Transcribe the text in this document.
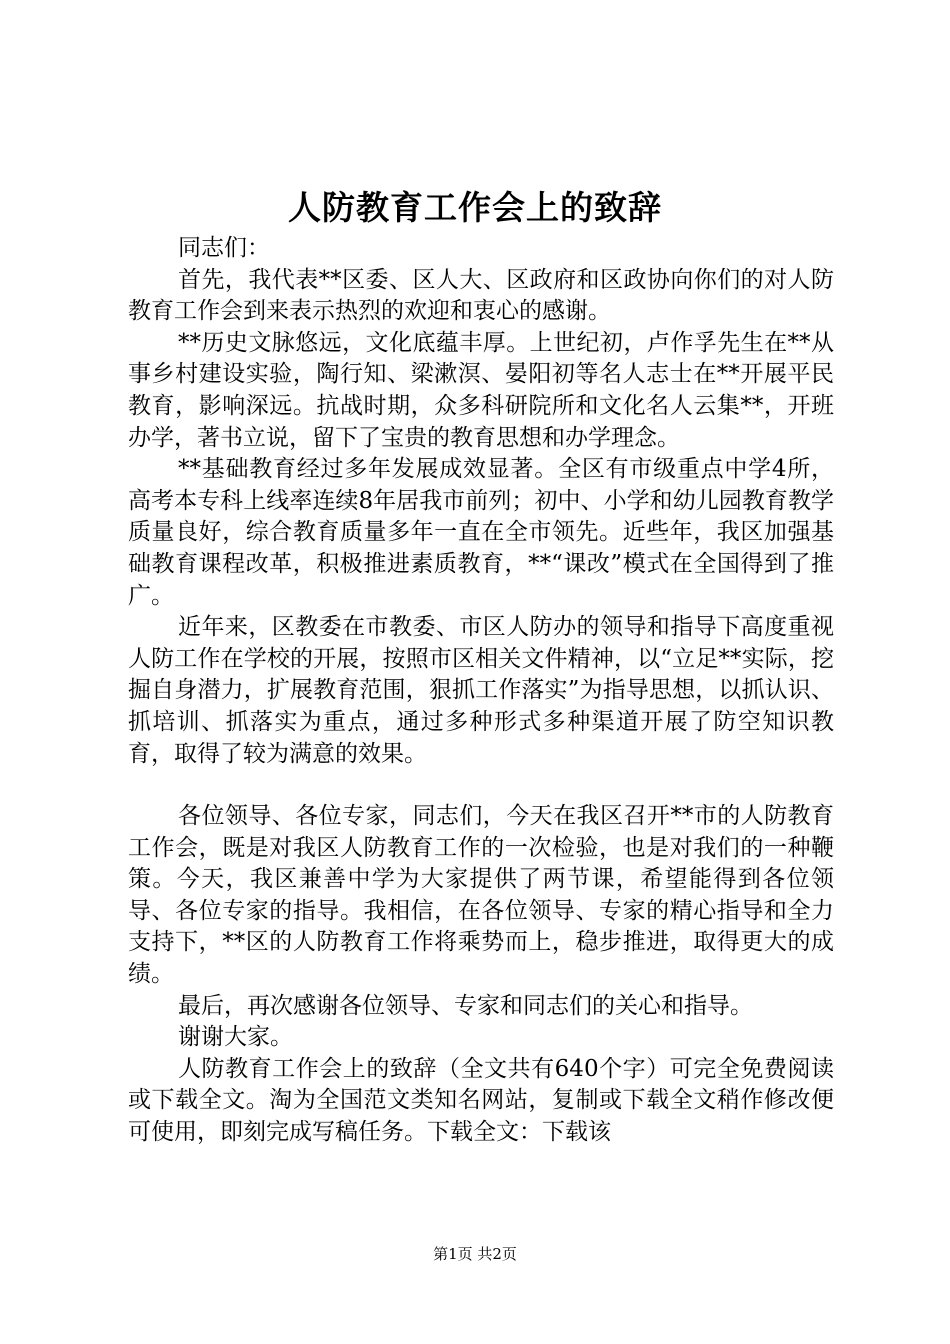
人防教育工作会上的致辞

同志们：

首先，我代表**区委、区人大、区政府和区政协向你们的对人防教育工作会到来表示热烈的欢迎和衷心的感谢。

**历史文脉悠远，文化底蕴丰厚。上世纪初，卢作孚先生在**从事乡村建设实验，陶行知、梁漱溟、晏阳初等名人志士在**开展平民教育，影响深远。抗战时期，众多科研院所和文化名人云集**，开班办学，著书立说，留下了宝贵的教育思想和办学理念。

**基础教育经过多年发展成效显著。全区有市级重点中学4所，高考本专科上线率连续8年居我市前列；初中、小学和幼儿园教育教学质量良好，综合教育质量多年一直在全市领先。近些年，我区加强基础教育课程改革，积极推进素质教育，**“课改”模式在全国得到了推广。

近年来，区教委在市教委、市区人防办的领导和指导下高度重视人防工作在学校的开展，按照市区相关文件精神，以“立足**实际，挖掘自身潜力，扩展教育范围，狠抓工作落实”为指导思想，以抓认识、抓培训、抓落实为重点，通过多种形式多种渠道开展了防空知识教育，取得了较为满意的效果。

各位领导、各位专家，同志们，今天在我区召开**市的人防教育工作会，既是对我区人防教育工作的一次检验，也是对我们的一种鞭策。今天，我区兼善中学为大家提供了两节课，希望能得到各位领导、各位专家的指导。我相信，在各位领导、专家的精心指导和全力支持下，**区的人防教育工作将乘势而上，稳步推进，取得更大的成绩。

最后，再次感谢各位领导、专家和同志们的关心和指导。

谢谢大家。

人防教育工作会上的致辞（全文共有640个字）可完全免费阅读或下载全文。淘为全国范文类知名网站，复制或下载全文稍作修改便可使用，即刻完成写稿任务。下载全文：下载该

第1页 共2页
